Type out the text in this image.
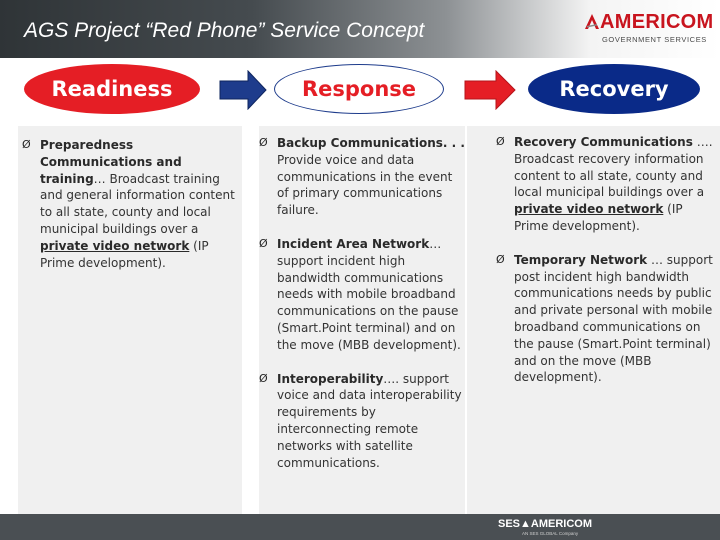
AGS Project “Red Phone” Service Concept	AMERICOM
GOVERNMENT SERVICES
Readiness	Response	Recovery
Ø Preparedness Communications and training… Broadcast training and general information content to all state, county and local municipal buildings over a private video network (IP Prime development).
Ø Backup Communications. . . Provide voice and data communications in the event of primary communications failure.
Ø Incident Area Network… support incident high bandwidth communications needs with mobile broadband communications on the pause (Smart.Point terminal) and on the move (MBB development).
Ø Interoperability…. support voice and data interoperability requirements by interconnecting remote networks with satellite communications.
Ø Recovery Communications …. Broadcast recovery information content to all state, county and local municipal buildings over a private video network (IP Prime development).
Ø Temporary Network … support post incident high bandwidth communications needs by public and private personal with mobile broadband communications on the pause (Smart.Point terminal) and on the move (MBB development).
SES▲AMERICOM
AN SES GLOBAL Company
